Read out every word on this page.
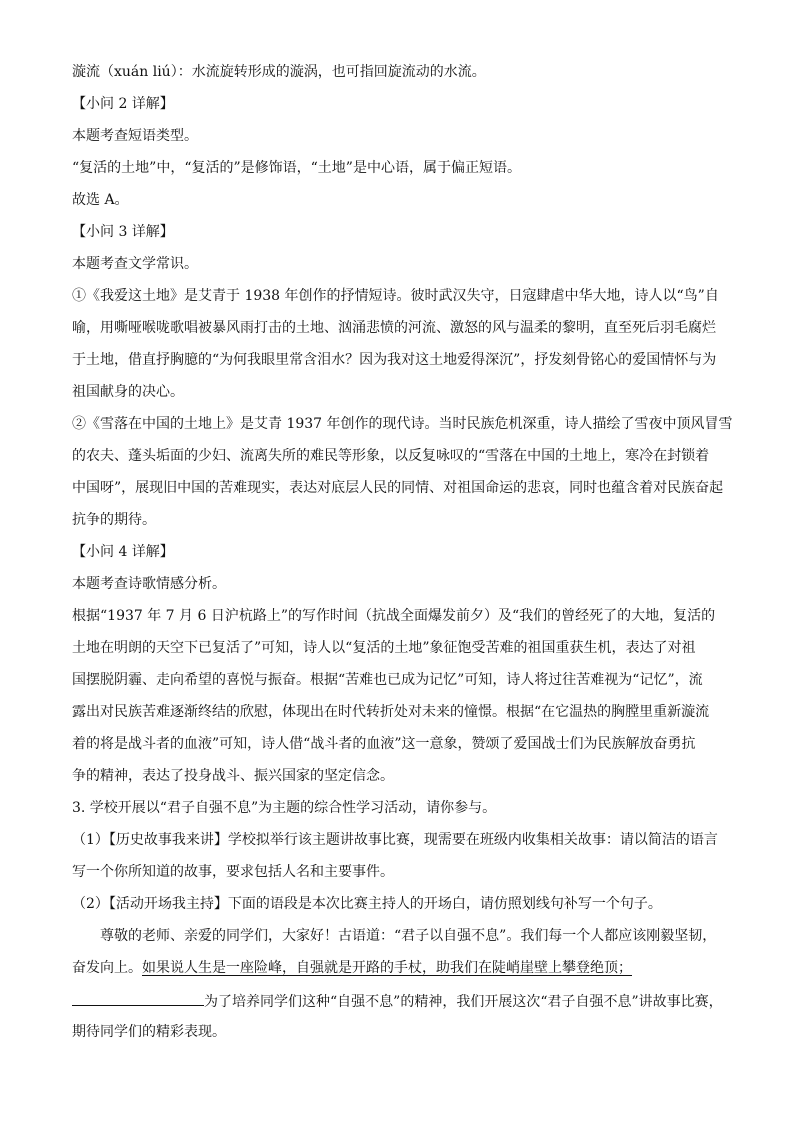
漩流（xuán liú）：水流旋转形成的漩涡，也可指回旋流动的水流。
【小问 2 详解】
本题考查短语类型。
“复活的土地”中，“复活的”是修饰语，“土地”是中心语，属于偏正短语。
故选 A。
【小问 3 详解】
本题考查文学常识。
①《我爱这土地》是艾青于 1938 年创作的抒情短诗。彼时武汉失守，日寇肆虐中华大地，诗人以“鸟”自
喻，用嘶哑喉咙歌唱被暴风雨打击的土地、汹涌悲愤的河流、激怒的风与温柔的黎明，直至死后羽毛腐烂
于土地，借直抒胸臆的“为何我眼里常含泪水？因为我对这土地爱得深沉”，抒发刻骨铭心的爱国情怀与为
祖国献身的决心。
②《雪落在中国的土地上》是艾青 1937 年创作的现代诗。当时民族危机深重，诗人描绘了雪夜中顶风冒雪
的农夫、蓬头垢面的少妇、流离失所的难民等形象，以反复咏叹的“雪落在中国的土地上，寒冷在封锁着
中国呀”，展现旧中国的苦难现实，表达对底层人民的同情、对祖国命运的悲哀，同时也蕴含着对民族奋起
抗争的期待。
【小问 4 详解】
本题考查诗歌情感分析。
根据“1937 年 7 月 6 日沪杭路上”的写作时间（抗战全面爆发前夕）及“我们的曾经死了的大地，复活的
土地在明朗的天空下已复活了”可知，诗人以“复活的土地”象征饱受苦难的祖国重获生机，表达了对祖
国摆脱阴霾、走向希望的喜悦与振奋。根据“苦难也已成为记忆”可知，诗人将过往苦难视为“记忆”，流
露出对民族苦难逐渐终结的欣慰，体现出在时代转折处对未来的憧憬。根据“在它温热的胸膛里重新漩流
着的将是战斗者的血液”可知，诗人借“战斗者的血液”这一意象，赞颂了爱国战士们为民族解放奋勇抗
争的精神，表达了投身战斗、振兴国家的坚定信念。
3. 学校开展以“君子自强不息”为主题的综合性学习活动，请你参与。
（1）【历史故事我来讲】学校拟举行该主题讲故事比赛，现需要在班级内收集相关故事：请以简洁的语言
写一个你所知道的故事，要求包括人名和主要事件。
（2）【活动开场我主持】下面的语段是本次比赛主持人的开场白，请仿照划线句补写一个句子。
　　尊敬的老师、亲爱的同学们，大家好！古语道：“君子以自强不息”。我们每一个人都应该刚毅坚韧，
奋发向上。如果说人生是一座险峰，自强就是开路的手杖，助我们在陡峭崖壁上攀登绝顶；
为了培养同学们这种“自强不息”的精神，我们开展这次“君子自强不息”讲故事比赛，
期待同学们的精彩表现。
